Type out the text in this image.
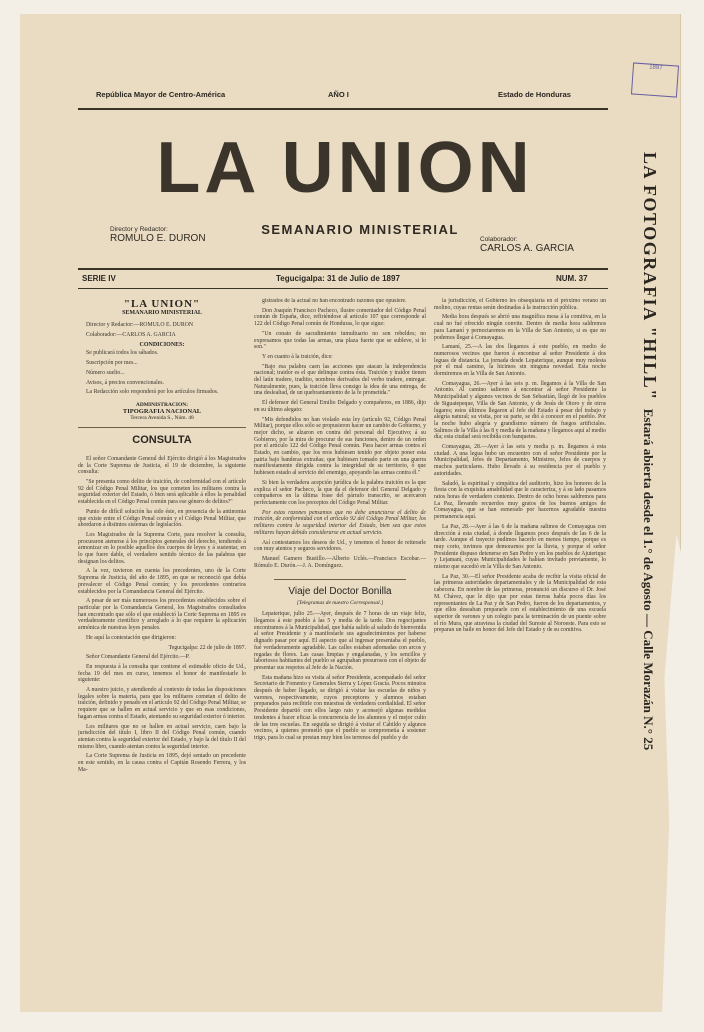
1897
República Mayor de Centro-América	AÑO I	Estado de Honduras
LA UNION
SEMANARIO MINISTERIAL
Director y Redactor:
ROMULO E. DURON	Colaborador:
CARLOS A. GARCIA
SERIE IV	Tegucigalpa: 31 de Julio de 1897	NUM. 37
"LA UNION"
SEMANARIO MINISTERIAL

Director y Redactor:—ROMULO E. DURON

Colaborador:—CARLOS A. GARCIA

CONDICIONES:

Se publicará todos los sábados.

Suscripción por mes...

Número suelto...

Avisos, á precios convencionales.

La Redacción solo responderá por los artículos firmados.

ADMINISTRACION:
TIPOGRAFIA NACIONAL
Tercera Avenida S., Núm. 48
CONSULTA

El señor Comandante General del Ejército dirigió á los Magistrados de la Corte Suprema de Justicia, el 19 de diciembre, la siguiente consulta:

"Se presenta como delito de traición, de conformidad con el artículo 92 del Código Penal Militar, los que cometen los militares contra la seguridad exterior del Estado, ó bien será aplicable á ellos la penalidad establecida en el Código Penal común para ese género de delitos?"

Punto de difícil solución ha sido éste, en presencia de la antinomia que existe entre el Código Penal común y el Código Penal Militar, que abordaron á distintos sistemas de legislación.

Los Magistrados de la Suprema Corte, para resolver la consulta, procuraron atenerse á los principios generales del derecho, tendiendo á armonizar en lo posible aquellos dos cuerpos de leyes y á sustentar, en lo que fuere dable, el verdadero sentido técnico de las palabras que designan los delitos.

A la vez, tuvieron en cuenta los precedentes, uno de la Corte Suprema de Justicia, del año de 1895, en que se reconoció que debía prevalecer el Código Penal común; y los precedentes contrarios establecidos por la Comandancia General del Ejército.

A pesar de ser más numerosos los precedentes establecidos sobre el particular por la Comandancia General, los Magistrados consultados han encontrado que sólo el que estableció la Corte Suprema en 1895 es verdaderamente científico y arreglado á lo que requiere la aplicación armónica de nuestras leyes penales.

He aquí la contestación que dirigieron:

Tegucigalpa: 22 de julio de 1897.

Señor Comandante General del Ejército.—P.

En respuesta á la consulta que contiene el estimable oficio de Ud., fecha 19 del mes en curso, tenemos el honor de manifestarle lo siguiente:

A nuestro juicio, y atendiendo al contexto de todas las disposiciones legales sobre la materia, para que los militares cometan el delito de traición, definido y penado en el artículo 92 del Código Penal Militar, se requiere que se hallen en actual servicio y que en esas condiciones, hagan armas contra el Estado, atentando su seguridad exterior ó interior.

Los militares que no se hallen en actual servicio, caen bajo la jurisdicción del título I, libro II del Código Penal común, cuando atentan contra la seguridad exterior del Estado, y bajo la del título II del mismo libro, cuando atentan contra la seguridad interior.

La Corte Suprema de Justicia en 1895, dejó sentado un precedente en este sentido, en la causa contra el Capitán Rosendo Ferrera, y los Ma-

gistrados de la actual no han encontrado razones que opusiere.

Don Joaquín Francisco Pacheco, ilustre comentador del Código Penal común de España, dice, refiriéndose al artículo 107 que corresponde al 122 del Código Penal común de Honduras, lo que sigue:

"Un conato de sacudimiento tumultuario no son rebeldes; no expresamos que todas las armas, una plaza fuerte que se subleve, si lo son."

Y en cuanto á la traición, dice:

"Bajo esa palabra caen las acciones que atacan la independencia nacional; traidor es el que delinque contra ésta. Traición y traidor tienen del latín tradere, traditio, nombres derivados del verbo tradere, entregar. Naturalmente, pues, la traición lleva consigo la idea de una entrega, de una deslealtad, de un quebrantamiento de la fe prometida."

El defensor del General Emilio Delgado y compañeros, en 1886, dijo en su último alegato:

"Mis defendidos no han violado esta ley (artículo 92, Código Penal Militar), porque ellos sólo se propusieron hacer un cambio de Gobierno, y mejor dicho, se alzaron en contra del personal del Ejecutivo; á su Gobierno, por la mira de procurar de sus funciones, dentro de un orden por el artículo 122 del Código Penal común. Para hacer armas contra el Estado, en cambio, que los reos hubiesen tenido por objeto poner esta patria bajo banderas extrañas; que hubiesen tomado parte en una guerra manifiestamente dirigida contra la integridad de su territorio, ó que hubiesen estado al servicio del enemigo, apoyando las armas contra él."

Si bien la verdadera acepción jurídica de la palabra traición es la que explica el señor Pacheco, la que da el defensor del General Delgado y compañeros en la última frase del párrafo transcrito, se acercaron perfectamente con los preceptos del Código Penal Militar.

Por estas razones pensamos que no debe anunciarse el delito de traición, de conformidad con el artículo 92 del Código Penal Militar, los militares contra la seguridad interior del Estado, bien sea que estos militares hayan debido considerarse en actual servicio.

Así contestamos los deseos de Ud., y tenemos el honor de reiterarle con muy atentos y seguros servidores.

Manuel Gamero Bustillo.—Alberto Uclés.—Francisco Escobar.—Rómulo E. Durón.—J. A. Domínguez.

Viaje del Doctor Bonilla
[Telegramas de nuestro Corresponsal.]

Lepaterique, julio 25.—Ayer, después de 7 horas de un viaje feliz, llegamos á este pueblo á las 5 y media de la tarde. Dos regocijantes encontramos á la Municipalidad, que había salido al saludo de bienvenida al señor Presidente y á manifestarle sus agradecimientos por haberse dignado pasar por aquí. El aspecto que al ingresar presentaba el pueblo, fué verdaderamente agradable. Las calles estaban adornadas con arcos y regadas de flores. Las casas limpias y engalanadas, y los sencillos y laboriosos habitantes del pueblo se agrupaban presurosos con el objeto de presentar sus respetos al Jefe de la Nación.

Esta mañana hizo su visita al señor Presidente, acompañado del señor Secretario de Fomento y Generales Sierra y López Gracia. Pocos minutos después de haber llegado, se dirigió á visitar las escuelas de niños y varones, respectivamente, cuyos preceptores y alumnos estaban preparados para recibirle con muestras de verdadera cordialidad. El señor Presidente departió con ellos largo rato y aconsejó algunas medidas tendentes á hacer eficaz la concurrencia de los alumnos y el mejor culto de las tres escuelas. En seguida se dirigió á visitar el Cabildo y algunos vecinos, á quienes prometió que el pueblo se comprometía á sostener trigo, para lo cual se prestan muy bien los terrenos del pueblo y de

la jurisdicción, el Gobierno les obsequiaría en el próximo verano un molino, cuyas rentas serán destinadas á la instrucción pública.

Media hora después se abrió una magnífica mesa á la comitiva, en la cual no fué ofrecido ningún convite. Dentro de media hora saldremos para Lamaní y pernoctaremos en la Villa de San Antonio, si es que no podemos llegar á Comayagua.

Lamaní, 25.—A las dos llegamos á este pueblo, en medio de numerosos vecinos que fueron á encontrar al señor Presidente á dos leguas de distancia. La jornada desde Lepaterique, aunque muy molesta por el mal camino, la hicimos sin ninguna novedad. Esta noche dormiremos en la Villa de San Antonio.

Comayagua, 26.—Ayer á las seis p. m. llegamos á la Villa de San Antonio. Al camino salieron á encontrar al señor Presidente la Municipalidad y algunos vecinos de San Sebastián, llegó de los pueblos de Siguatepeque, Villa de San Antonio, y de Jesús de Otoro y de otros lugares; estos últimos llegaron al Jefe del Estado á pesar del trabajo y alegría natural; su visita, por su parte, se dió á conocer en el pueblo. Por la noche hubo alegría y grandísimo número de fuegos artificiales. Salimos de la Villa á las 8 y media de la mañana y llegamos aquí al medio día; esta ciudad será recibida con banquetes.

Comayagua, 28.—Ayer á las seis y media p. m. llegamos á esta ciudad. A una legua hubo un encuentro con el señor Presidente por la Municipalidad, Jefes de Departamento, Ministros, Jefes de cuerpos y muchos particulares. Hubo llevado á su residencia por el pueblo y autoridades.

Saludó, la espiritual y simpática del auditorio, hizo los honores de la fiesta con la exquisita amabilidad que le caracteriza, y á su lado pasamos ratos horas de verdadero contento. Dentro de ocho horas saldremos para La Paz, llevando recuerdos muy gratos de los buenos amigos de Comayagua, que se han esmerado por hacernos agradable nuestra permanencia aquí.

La Paz, 28.—Ayer á las 6 de la mañana salimos de Comayagua con dirección á esta ciudad, á donde llegamos poco después de las 6 de la tarde. Aunque el trayecto pudimos hacerlo en menos tiempo, porque es muy corto, tuvimos que demorarnos por la lluvia, y porque el señor Presidente dispuso detenerse en San Pedro y en los pueblos de Ajuterique y Lejamaní, cuyas Municipalidades le habían invitado previamente, lo mismo que sucedió en la Villa de San Antonio.

La Paz, 30.—El señor Presidente acaba de recibir la visita oficial de las primeras autoridades departamentales y de la Municipalidad de esta cabecera. En nombre de las primeras, pronunció un discurso el Dr. José M. Chávez, que le dijo que por estas tierras había pocos días los representantes de La Paz y de San Pedro, fueron de los departamentos, y que ellos deseaban prepararle con el establecimiento de una escuela superior de varones y un colegio para la terminación de un puente sobre el río Mura, que atraviesa la ciudad del Sureste al Noroeste. Para esto se preparan un baile en honor del Jefe del Estado y de su comitiva.

LA FOTOGRAFIA "HILL"Estará abierta desde el 1.° de Agosto — Calle Morazán N.° 25
